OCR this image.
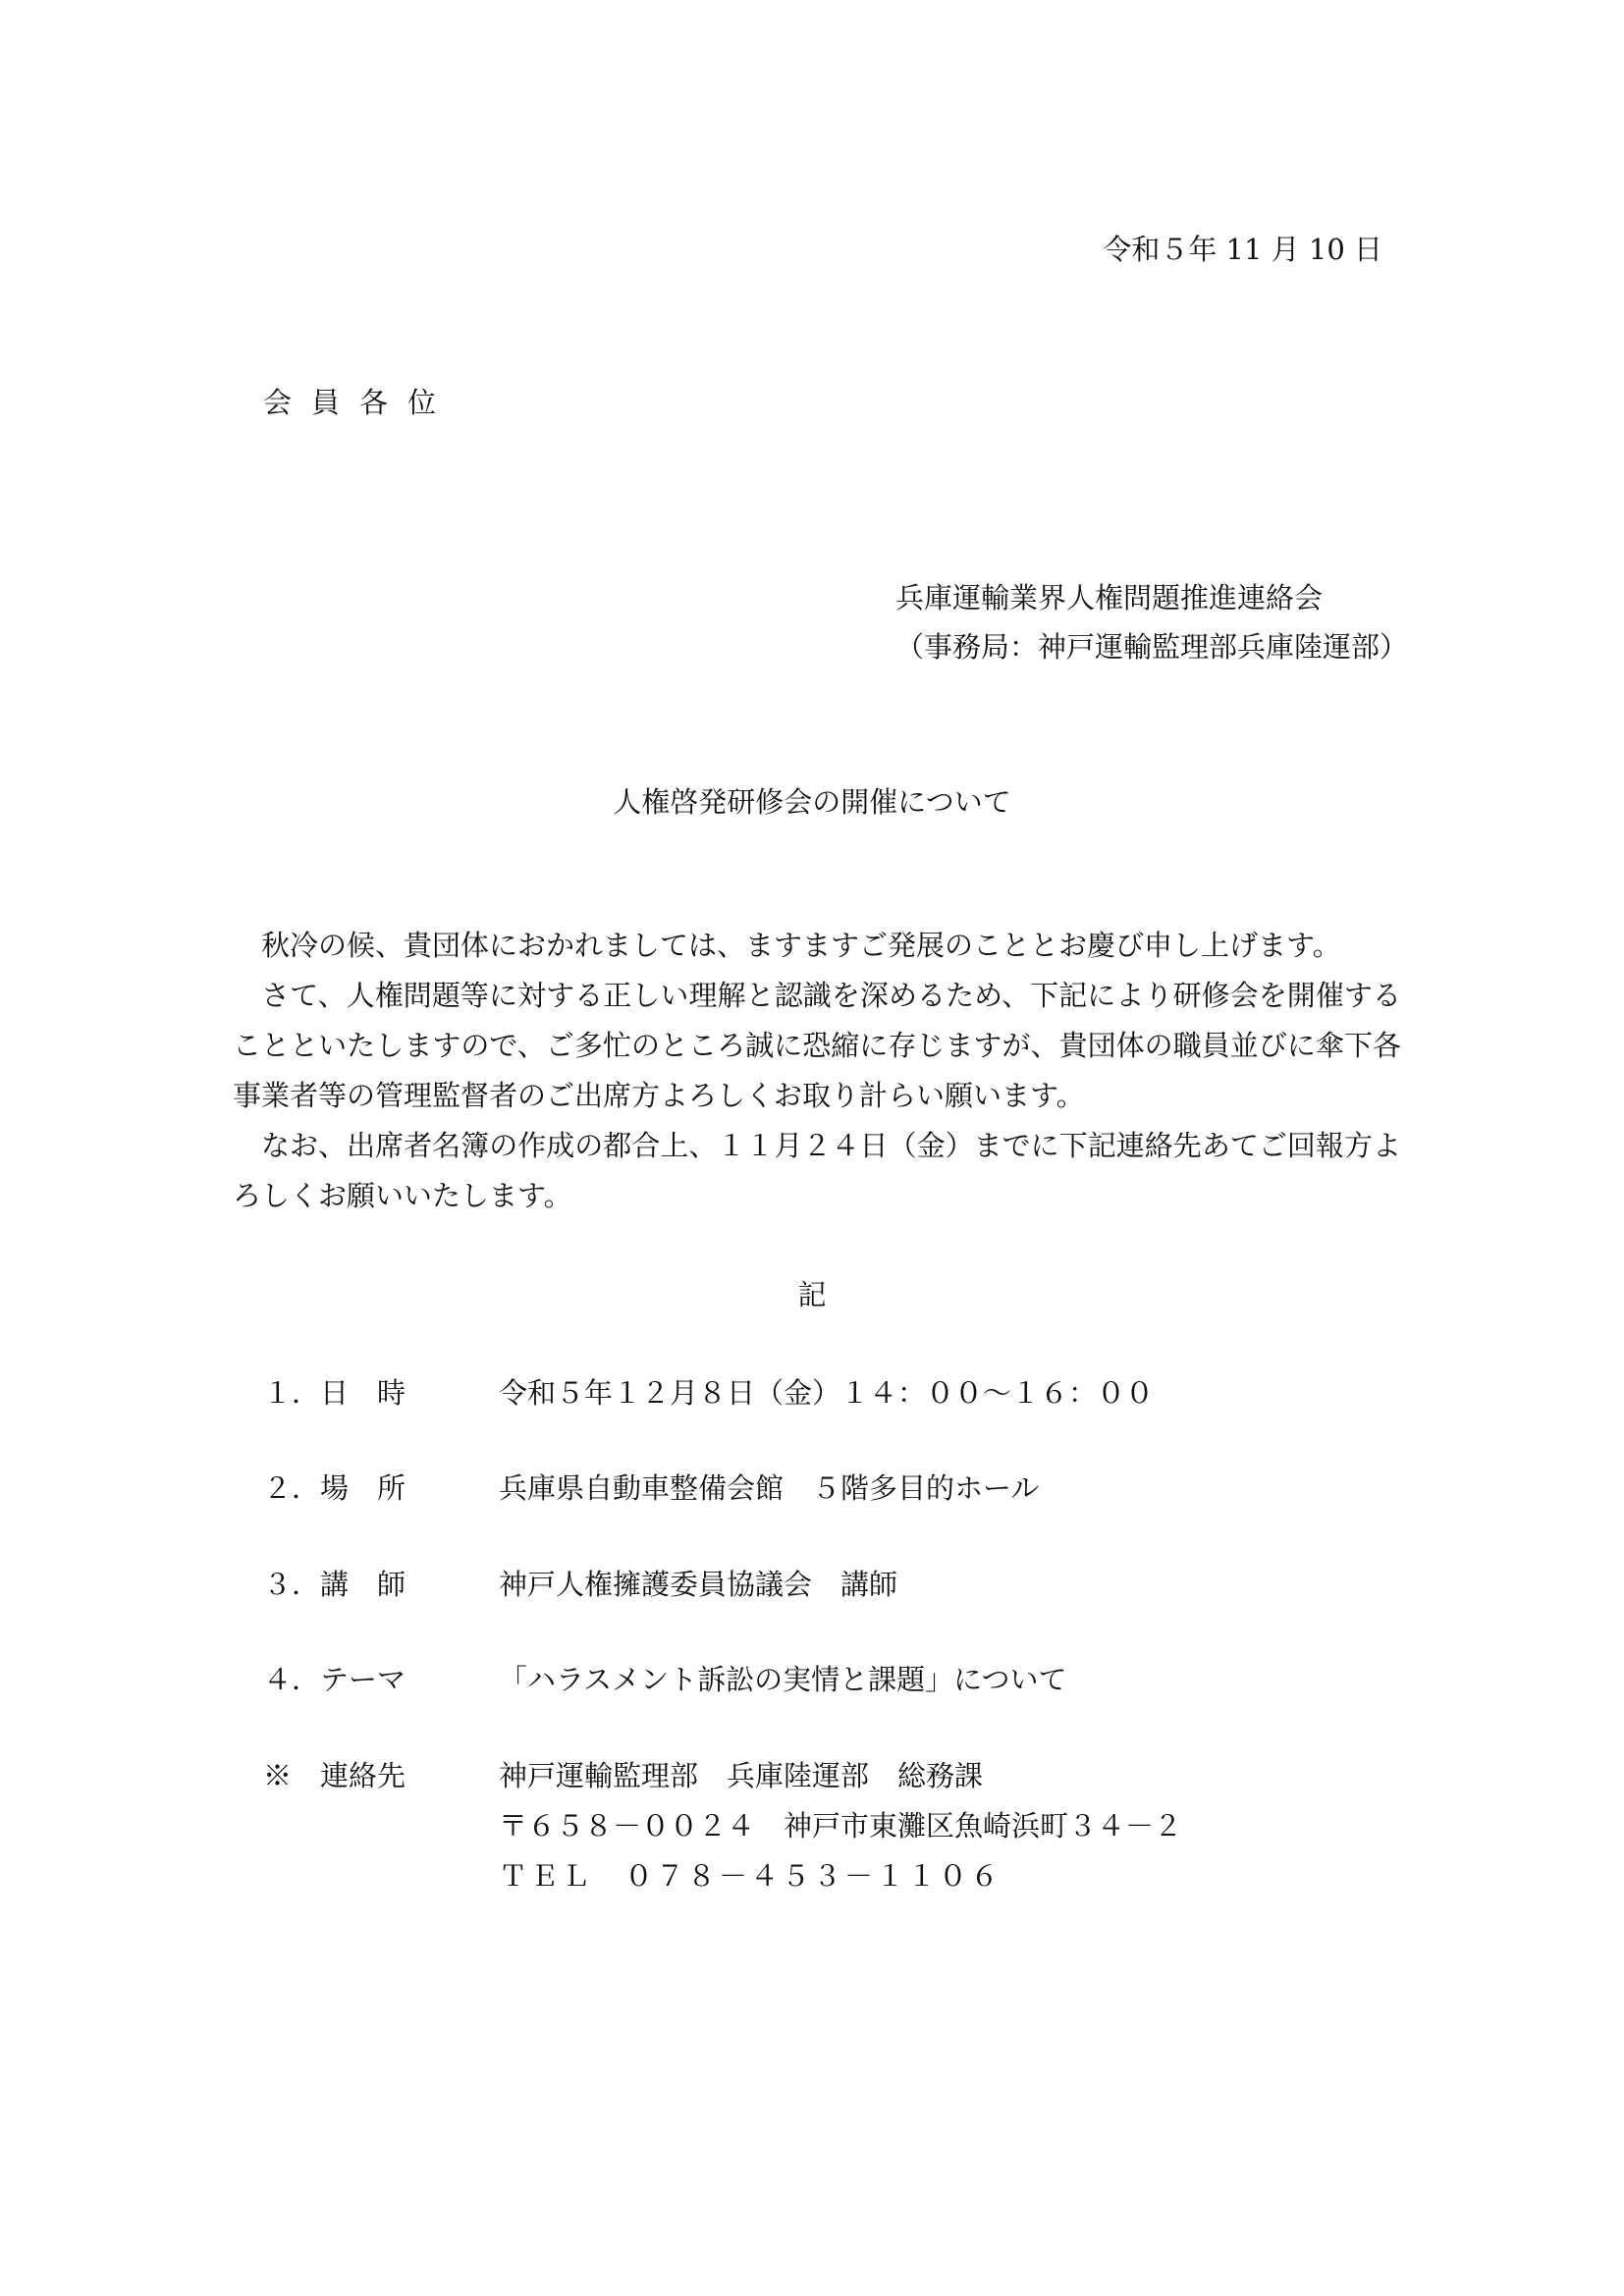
令和５年 11 月 10 日
会員各位
兵庫運輸業界人権問題推進連絡会
（事務局：神戸運輸監理部兵庫陸運部）
人権啓発研修会の開催について

秋冷の候、貴団体におかれましては、ますますご発展のこととお慶び申し上げます。

さて、人権問題等に対する正しい理解と認識を深めるため、下記により研修会を開催することといたしますので、ご多忙のところ誠に恐縮に存じますが、貴団体の職員並びに傘下各事業者等の管理監督者のご出席方よろしくお取り計らい願います。

なお、出席者名簿の作成の都合上、１１月２４日（金）までに下記連絡先あてご回報方よろしくお願いいたします。

記
１．日　時	令和５年１２月８日（金）１４：００～１６：００
２．場　所	兵庫県自動車整備会館　５階多目的ホール
３．講　師	神戸人権擁護委員協議会　講師
４．テーマ	「ハラスメント訴訟の実情と課題」について
※　連絡先	神戸運輸監理部　兵庫陸運部　総務課
〒６５８－００２４　神戸市東灘区魚崎浜町３４－２
ＴＥＬ　０７８－４５３－１１０６
